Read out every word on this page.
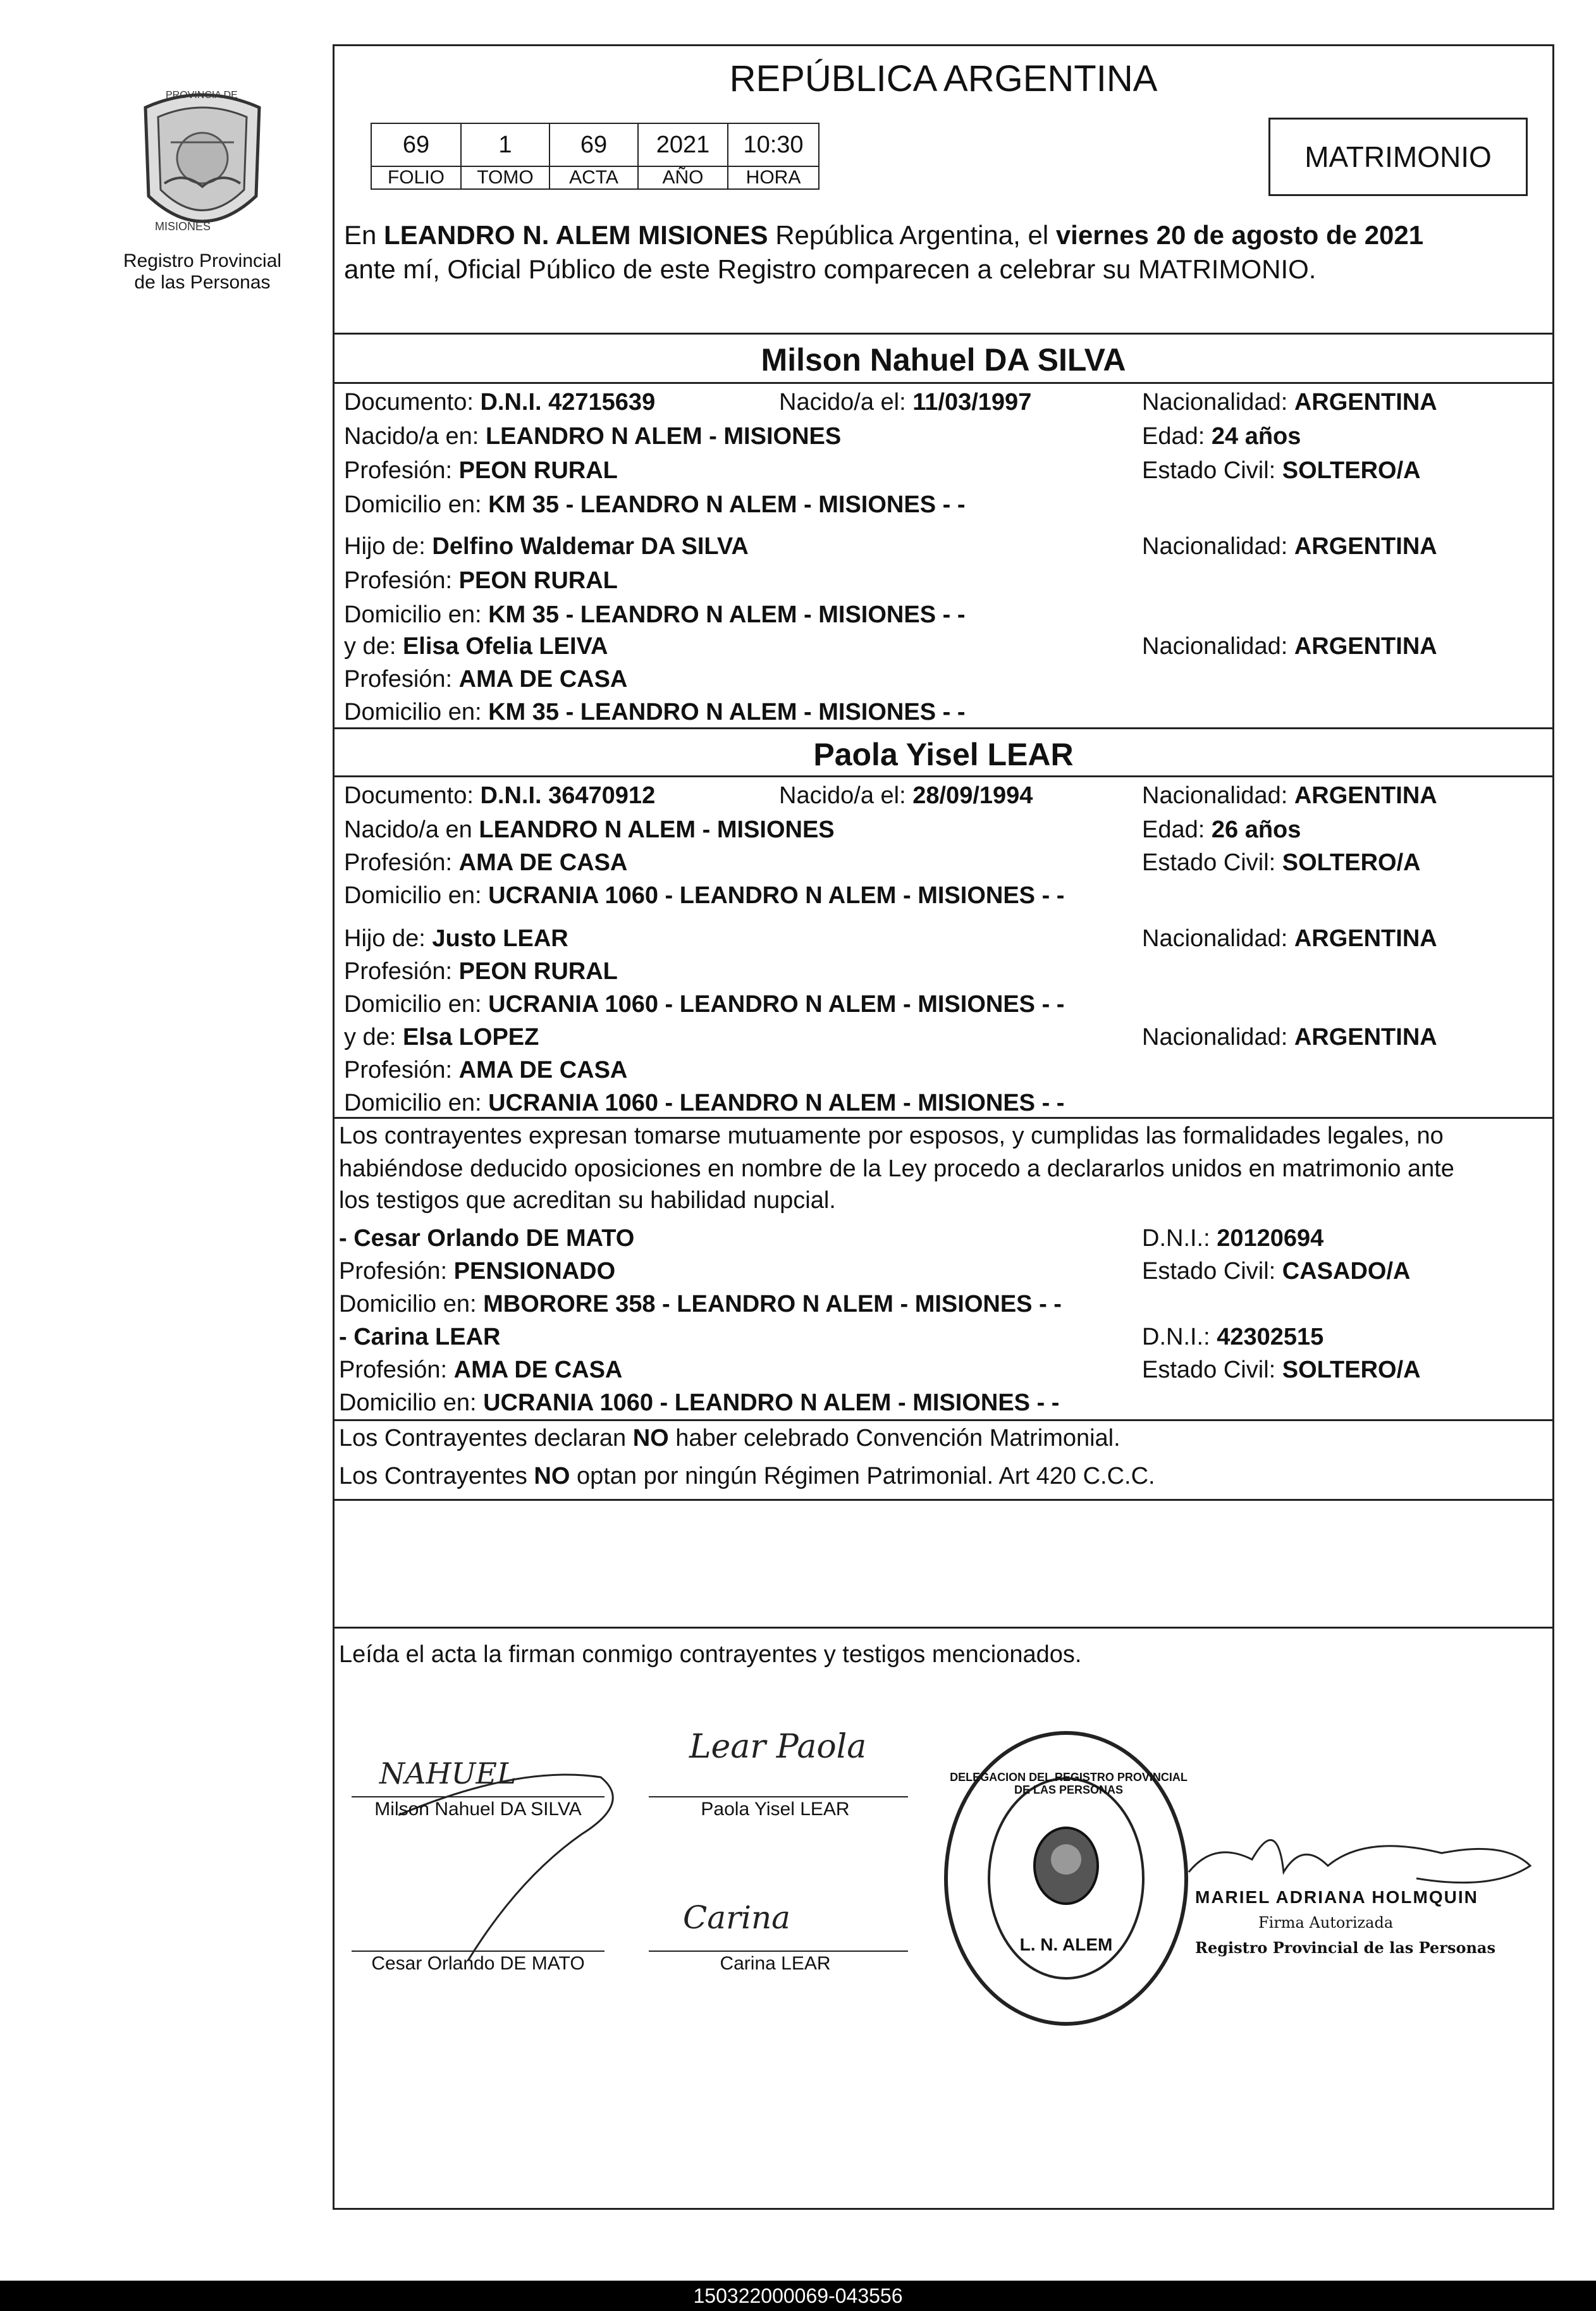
PROVINCIA DE
MISIONES
Registro Provincial
de las Personas
REPÚBLICA ARGENTINA
69	1	69	2021	10:30
FOLIO	TOMO	ACTA	AÑO	HORA
MATRIMONIO
En LEANDRO N. ALEM MISIONES República Argentina, el viernes 20 de agosto de 2021
ante mí, Oficial Público de este Registro comparecen a celebrar su MATRIMONIO.
Milson Nahuel DA SILVA
Documento: D.N.I. 42715639	Nacido/a el: 11/03/1997	Nacionalidad: ARGENTINA
Nacido/a en: LEANDRO N ALEM - MISIONES	Edad: 24 años
Profesión: PEON RURAL	Estado Civil: SOLTERO/A
Domicilio en: KM 35 - LEANDRO N ALEM - MISIONES - -
Hijo de: Delfino Waldemar DA SILVA	Nacionalidad: ARGENTINA
Profesión: PEON RURAL
Domicilio en: KM 35 - LEANDRO N ALEM - MISIONES - -
y de: Elisa Ofelia LEIVA	Nacionalidad: ARGENTINA
Profesión: AMA DE CASA
Domicilio en: KM 35 - LEANDRO N ALEM - MISIONES - -
Paola Yisel LEAR
Documento: D.N.I. 36470912	Nacido/a el: 28/09/1994	Nacionalidad: ARGENTINA
Nacido/a en LEANDRO N ALEM - MISIONES	Edad: 26 años
Profesión: AMA DE CASA	Estado Civil: SOLTERO/A
Domicilio en: UCRANIA 1060 - LEANDRO N ALEM - MISIONES - -
Hijo de: Justo LEAR	Nacionalidad: ARGENTINA
Profesión: PEON RURAL
Domicilio en: UCRANIA 1060 - LEANDRO N ALEM - MISIONES - -
y de: Elsa LOPEZ	Nacionalidad: ARGENTINA
Profesión: AMA DE CASA
Domicilio en: UCRANIA 1060 - LEANDRO N ALEM - MISIONES - -
Los contrayentes expresan tomarse mutuamente por esposos, y cumplidas las formalidades legales, no
habiéndose deducido oposiciones en nombre de la Ley procedo a declararlos unidos en matrimonio ante
los testigos que acreditan su habilidad nupcial.
- Cesar Orlando DE MATO	D.N.I.: 20120694
Profesión: PENSIONADO	Estado Civil: CASADO/A
Domicilio en: MBORORE 358 - LEANDRO N ALEM - MISIONES - -
- Carina LEAR	D.N.I.: 42302515
Profesión: AMA DE CASA	Estado Civil: SOLTERO/A
Domicilio en: UCRANIA 1060 - LEANDRO N ALEM - MISIONES - -
Los Contrayentes declaran NO haber celebrado Convención Matrimonial.
Los Contrayentes NO optan por ningún Régimen Patrimonial. Art 420 C.C.C.
Leída el acta la firman conmigo contrayentes y testigos mencionados.
NAHUEL
Milson Nahuel DA SILVA
Lear Paola
Paola Yisel LEAR
Cesar Orlando DE MATO
Carina
Carina LEAR
DELEGACION DEL REGISTRO PROVINCIAL DE LAS PERSONAS
L. N. ALEM
MARIEL ADRIANA HOLMQUIN
Firma Autorizada
Registro Provincial de las Personas
150322000069-043556
